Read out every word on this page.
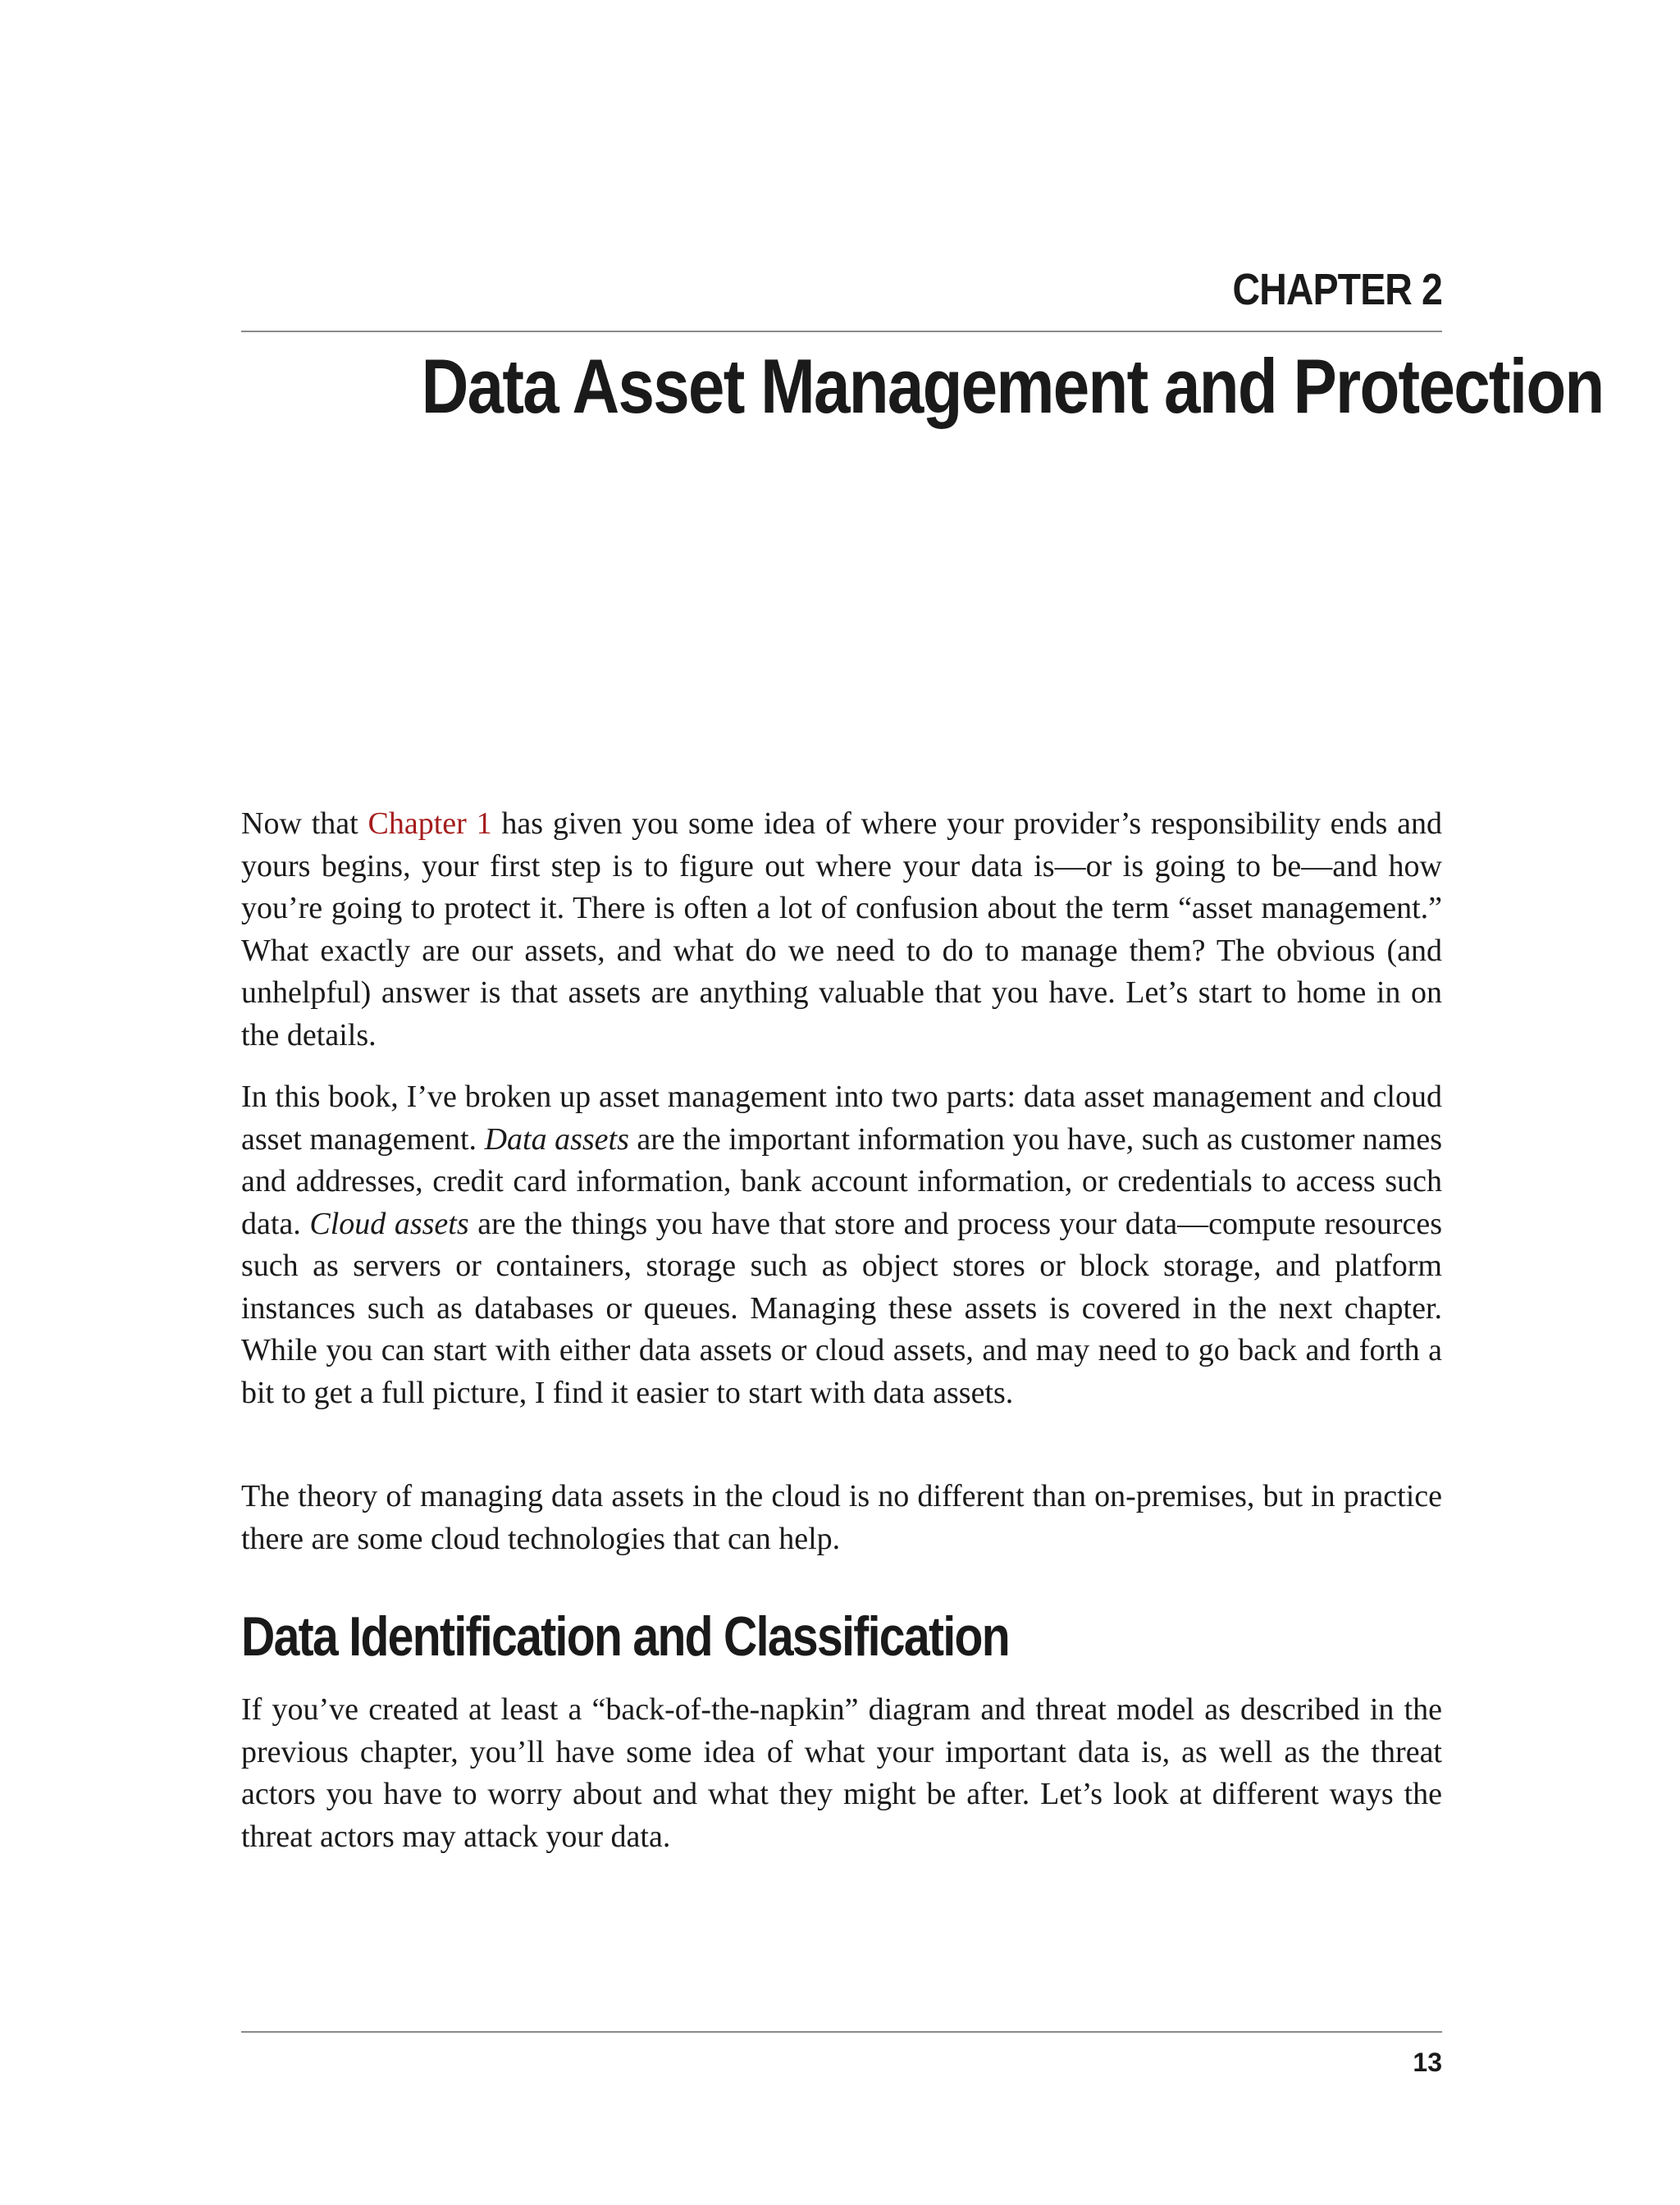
CHAPTER 2
Data Asset Management and Protection

Now that Chapter 1 has given you some idea of where your provider’s responsibility ends and yours begins, your first step is to figure out where your data is—or is going to be—and how you’re going to protect it. There is often a lot of confusion about the term “asset management.” What exactly are our assets, and what do we need to do to manage them? The obvious (and unhelpful) answer is that assets are anything valuable that you have. Let’s start to home in on the details.

In this book, I’ve broken up asset management into two parts: data asset management and cloud asset management. Data assets are the important information you have, such as customer names and addresses, credit card information, bank account information, or credentials to access such data. Cloud assets are the things you have that store and process your data—compute resources such as servers or containers, storage such as object stores or block storage, and platform instances such as databases or queues. Managing these assets is covered in the next chapter. While you can start with either data assets or cloud assets, and may need to go back and forth a bit to get a full picture, I find it easier to start with data assets.

The theory of managing data assets in the cloud is no different than on-premises, but in practice there are some cloud technologies that can help.

Data Identification and Classification

If you’ve created at least a “back-of-the-napkin” diagram and threat model as described in the previous chapter, you’ll have some idea of what your important data is, as well as the threat actors you have to worry about and what they might be after. Let’s look at different ways the threat actors may attack your data.

13
